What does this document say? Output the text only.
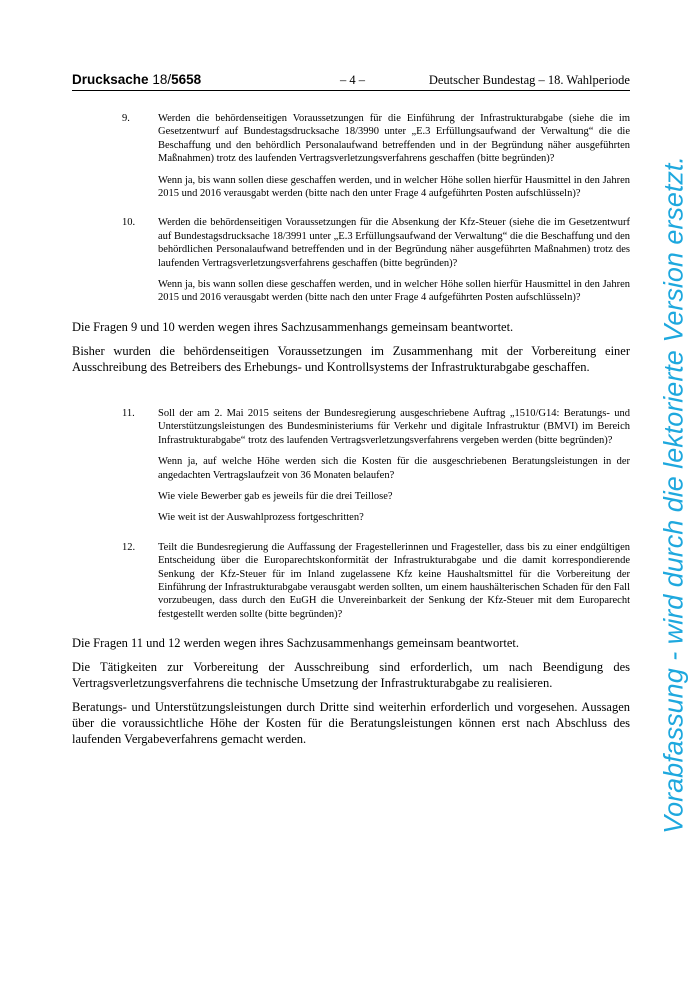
Drucksache 18/5658	– 4 –	Deutscher Bundestag – 18. Wahlperiode
9.	Werden die behördenseitigen Voraussetzungen für die Einführung der Infrastrukturabgabe (siehe die im Gesetzentwurf auf Bundestagsdrucksache 18/3990 unter „E.3 Erfüllungsaufwand der Verwaltung“ die die Beschaffung und den behördlich Personalaufwand betreffenden und in der Begründung näher ausgeführten Maßnahmen) trotz des laufenden Vertragsverletzungsverfahrens geschaffen (bitte begründen)?

Wenn ja, bis wann sollen diese geschaffen werden, und in welcher Höhe sollen hierfür Hausmittel in den Jahren 2015 und 2016 verausgabt werden (bitte nach den unter Frage 4 aufgeführten Posten aufschlüsseln)?

10.	Werden die behördenseitigen Voraussetzungen für die Absenkung der Kfz-Steuer (siehe die im Gesetzentwurf auf Bundestagsdrucksache 18/3991 unter „E.3 Erfüllungsaufwand der Verwaltung“ die die Beschaffung und den behördlichen Personalaufwand betreffenden und in der Begründung näher ausgeführten Maßnahmen) trotz des laufenden Vertragsverletzungsverfahrens geschaffen (bitte begründen)?

Wenn ja, bis wann sollen diese geschaffen werden, und in welcher Höhe sollen hierfür Hausmittel in den Jahren 2015 und 2016 verausgabt werden (bitte nach den unter Frage 4 aufgeführten Posten aufschlüsseln)?

Die Fragen 9 und 10 werden wegen ihres Sachzusammenhangs gemeinsam beantwortet.

Bisher wurden die behördenseitigen Voraussetzungen im Zusammenhang mit der Vorbereitung einer Ausschreibung des Betreibers des Erhebungs- und Kontrollsystems der Infrastrukturabgabe geschaffen.

11.	Soll der am 2. Mai 2015 seitens der Bundesregierung ausgeschriebene Auftrag „1510/G14: Beratungs- und Unterstützungsleistungen des Bundesministeriums für Verkehr und digitale Infrastruktur (BMVI) im Bereich Infrastrukturabgabe“ trotz des laufenden Vertragsverletzungsverfahrens vergeben werden (bitte begründen)?

Wenn ja, auf welche Höhe werden sich die Kosten für die ausgeschriebenen Beratungsleistungen in der angedachten Vertragslaufzeit von 36 Monaten belaufen?

Wie viele Bewerber gab es jeweils für die drei Teillose?

Wie weit ist der Auswahlprozess fortgeschritten?

12.	Teilt die Bundesregierung die Auffassung der Fragestellerinnen und Fragesteller, dass bis zu einer endgültigen Entscheidung über die Europarechtskonformität der Infrastrukturabgabe und die damit korrespondierende Senkung der Kfz-Steuer für im Inland zugelassene Kfz keine Haushaltsmittel für die Vorbereitung der Einführung der Infrastrukturabgabe verausgabt werden sollten, um einem haushälterischen Schaden für den Fall vorzubeugen, dass durch den EuGH die Unvereinbarkeit der Senkung der Kfz-Steuer mit dem Europarecht festgestellt werden sollte (bitte begründen)?

Die Fragen 11 und 12 werden wegen ihres Sachzusammenhangs gemeinsam beantwortet.

Die Tätigkeiten zur Vorbereitung der Ausschreibung sind erforderlich, um nach Beendigung des Vertragsverletzungsverfahrens die technische Umsetzung der Infrastrukturabgabe zu realisieren.

Beratungs- und Unterstützungsleistungen durch Dritte sind weiterhin erforderlich und vorgesehen. Aussagen über die voraussichtliche Höhe der Kosten für die Beratungsleistungen können erst nach Abschluss des laufenden Vergabeverfahrens gemacht werden.	Vorabfassung - wird durch die lektorierte Version ersetzt.
